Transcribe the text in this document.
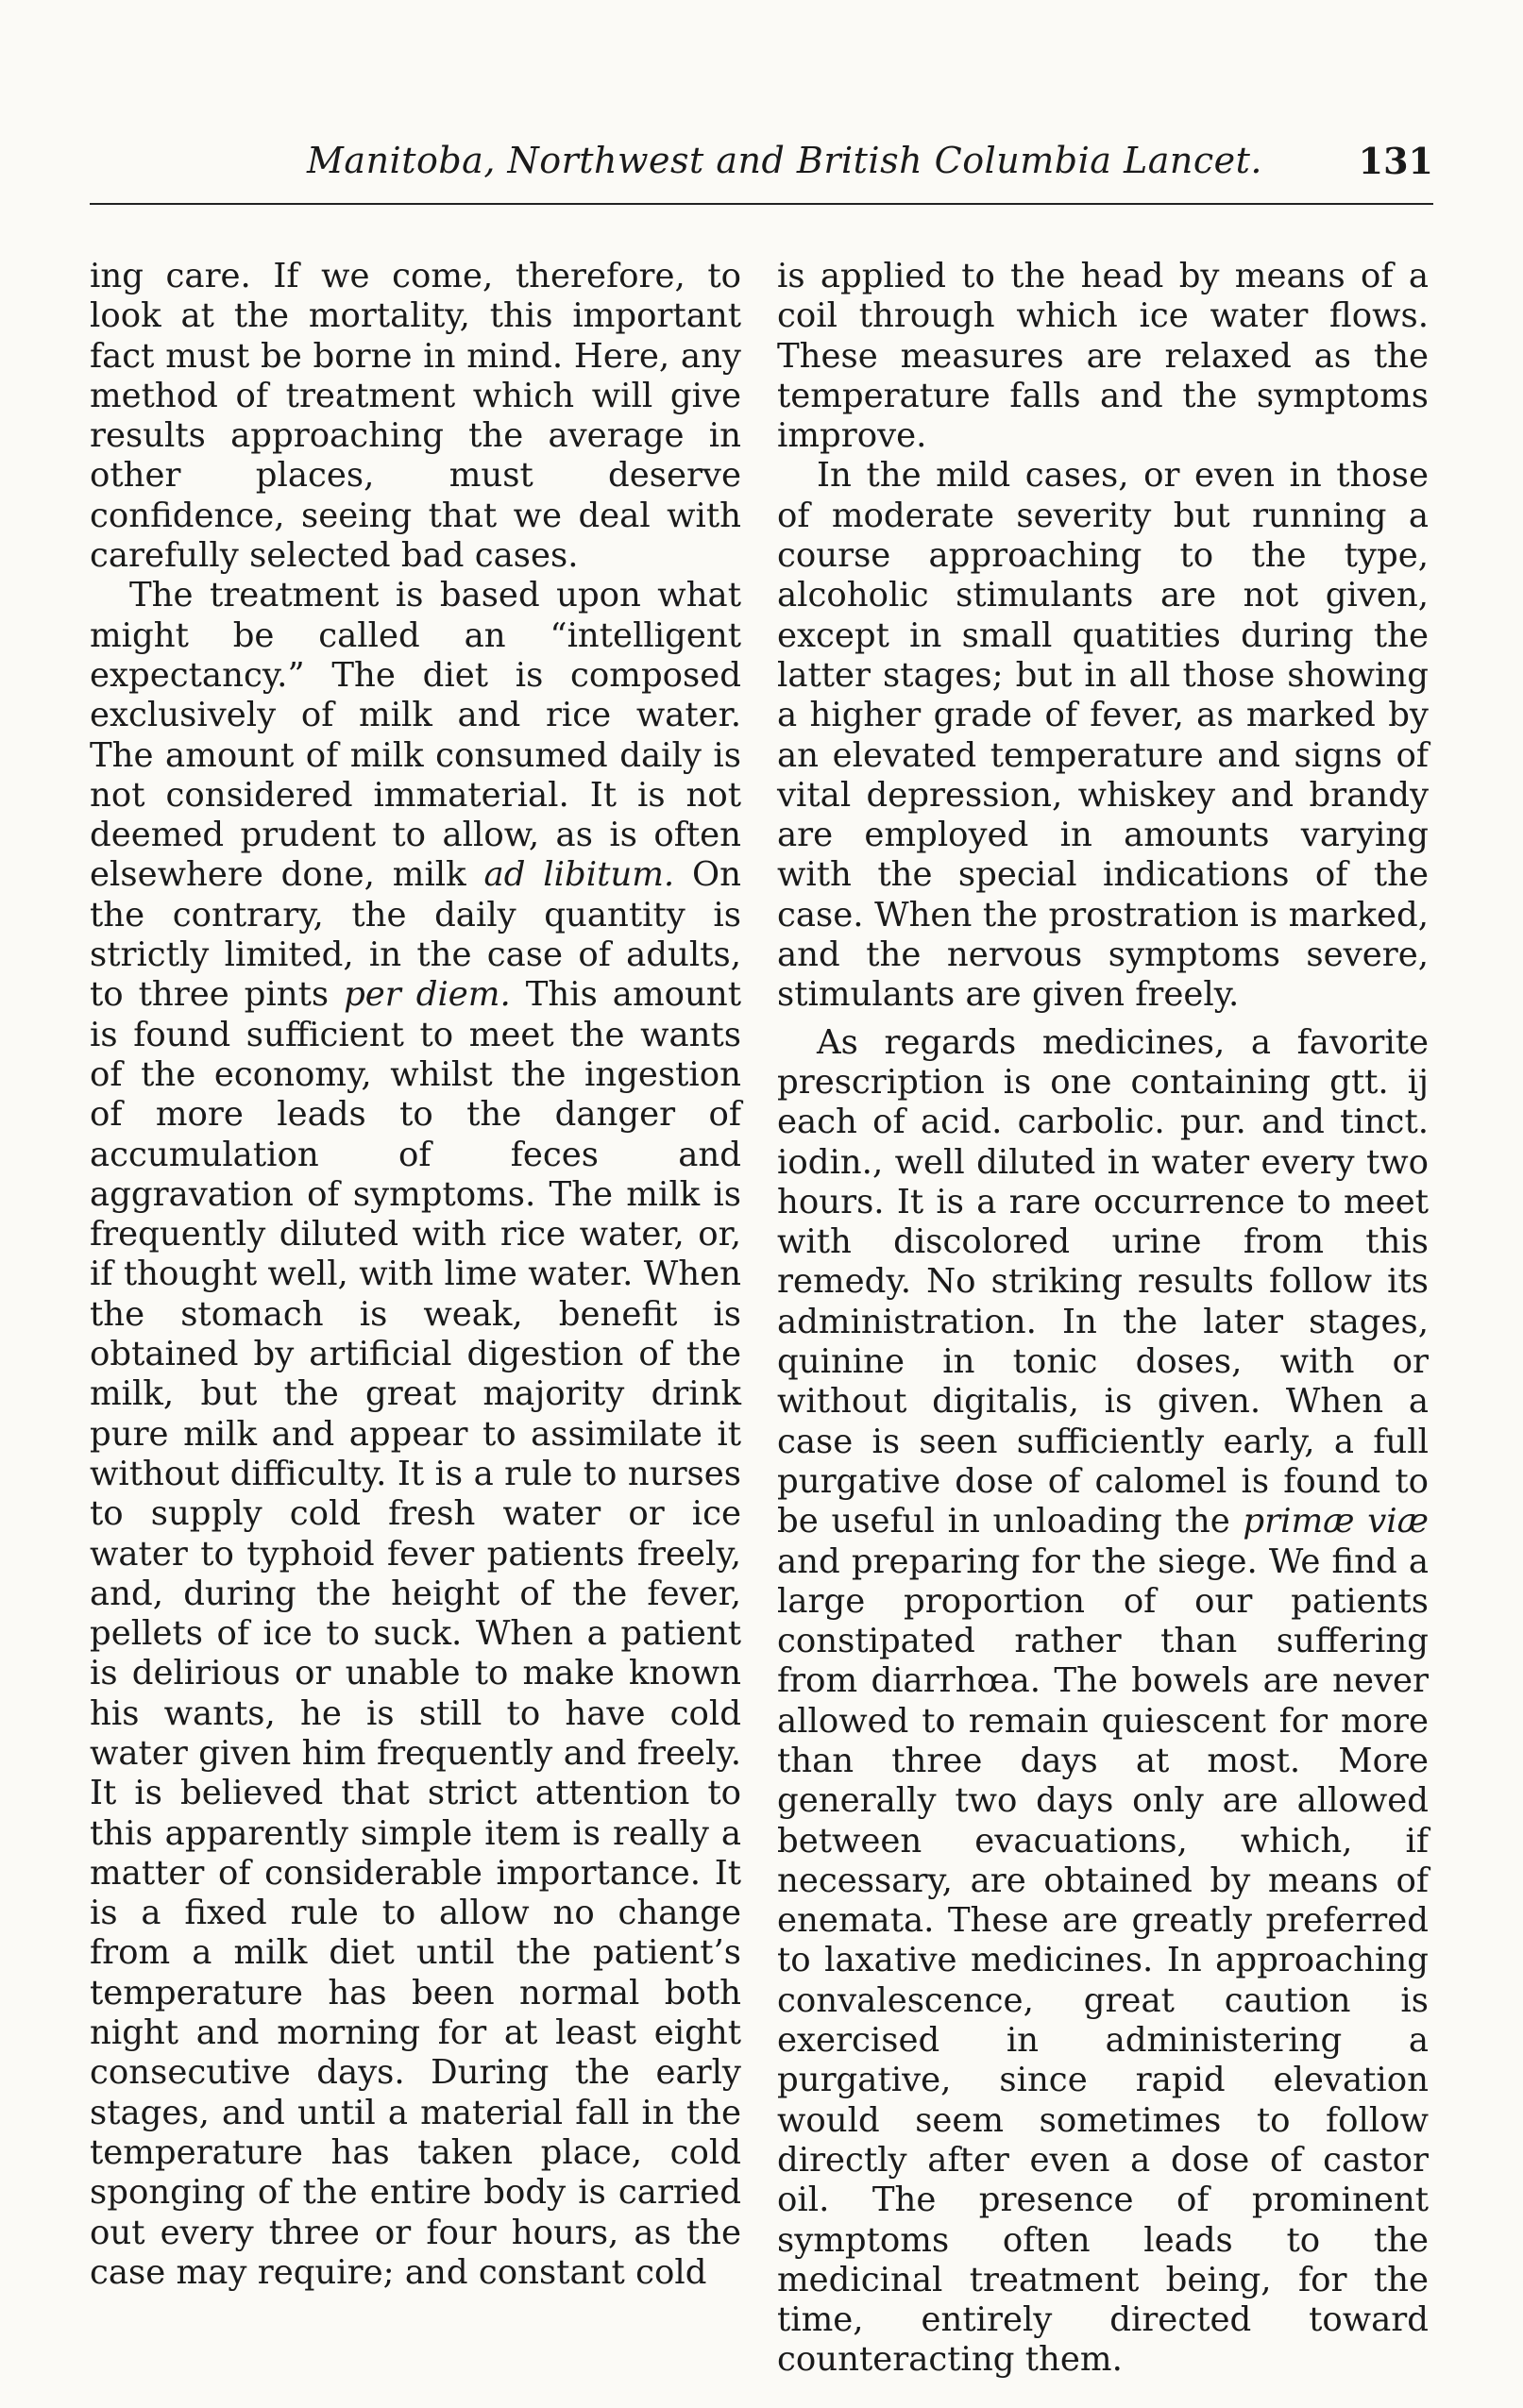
Manitoba, Northwest and British Columbia Lancet.	131

ing care. If we come, therefore, to look at the mortality, this important fact must be borne in mind. Here, any method of treatment which will give results approaching the average in other places, must deserve confidence, seeing that we deal with carefully selected bad cases.

The treatment is based upon what might be called an “intelligent expectancy.” The diet is composed exclusively of milk and rice water. The amount of milk consumed daily is not considered immaterial. It is not deemed prudent to allow, as is often elsewhere done, milk ad libitum. On the contrary, the daily quantity is strictly limited, in the case of adults, to three pints per diem. This amount is found sufficient to meet the wants of the economy, whilst the ingestion of more leads to the danger of accumulation of feces and aggravation of symptoms. The milk is frequently diluted with rice water, or, if thought well, with lime water. When the stomach is weak, benefit is obtained by artificial digestion of the milk, but the great majority drink pure milk and appear to assimilate it without difficulty. It is a rule to nurses to supply cold fresh water or ice water to typhoid fever patients freely, and, during the height of the fever, pellets of ice to suck. When a patient is delirious or unable to make known his wants, he is still to have cold water given him frequently and freely. It is believed that strict attention to this apparently simple item is really a matter of considerable importance. It is a fixed rule to allow no change from a milk diet until the patient’s temperature has been normal both night and morning for at least eight consecutive days. During the early stages, and until a material fall in the temperature has taken place, cold sponging of the entire body is carried out every three or four hours, as the case may require; and constant cold

is applied to the head by means of a coil through which ice water flows. These measures are relaxed as the temperature falls and the symptoms improve.

In the mild cases, or even in those of moderate severity but running a course approaching to the type, alcoholic stimulants are not given, except in small quatities during the latter stages; but in all those showing a higher grade of fever, as marked by an elevated temperature and signs of vital depression, whiskey and brandy are employed in amounts varying with the special indications of the case. When the prostration is marked, and the nervous symptoms severe, stimulants are given freely.

As regards medicines, a favorite prescription is one containing gtt. ij each of acid. carbolic. pur. and tinct. iodin., well diluted in water every two hours. It is a rare occurrence to meet with discolored urine from this remedy. No striking results follow its administration. In the later stages, quinine in tonic doses, with or without digitalis, is given. When a case is seen sufficiently early, a full purgative dose of calomel is found to be useful in unloading the primæ viæ and preparing for the siege. We find a large proportion of our patients constipated rather than suffering from diarrhœa. The bowels are never allowed to remain quiescent for more than three days at most. More generally two days only are allowed between evacuations, which, if necessary, are obtained by means of enemata. These are greatly preferred to laxative medicines. In approaching convalescence, great caution is exercised in administering a purgative, since rapid elevation would seem sometimes to follow directly after even a dose of castor oil. The presence of prominent symptoms often leads to the medicinal treatment being, for the time, entirely directed toward counteracting them.
